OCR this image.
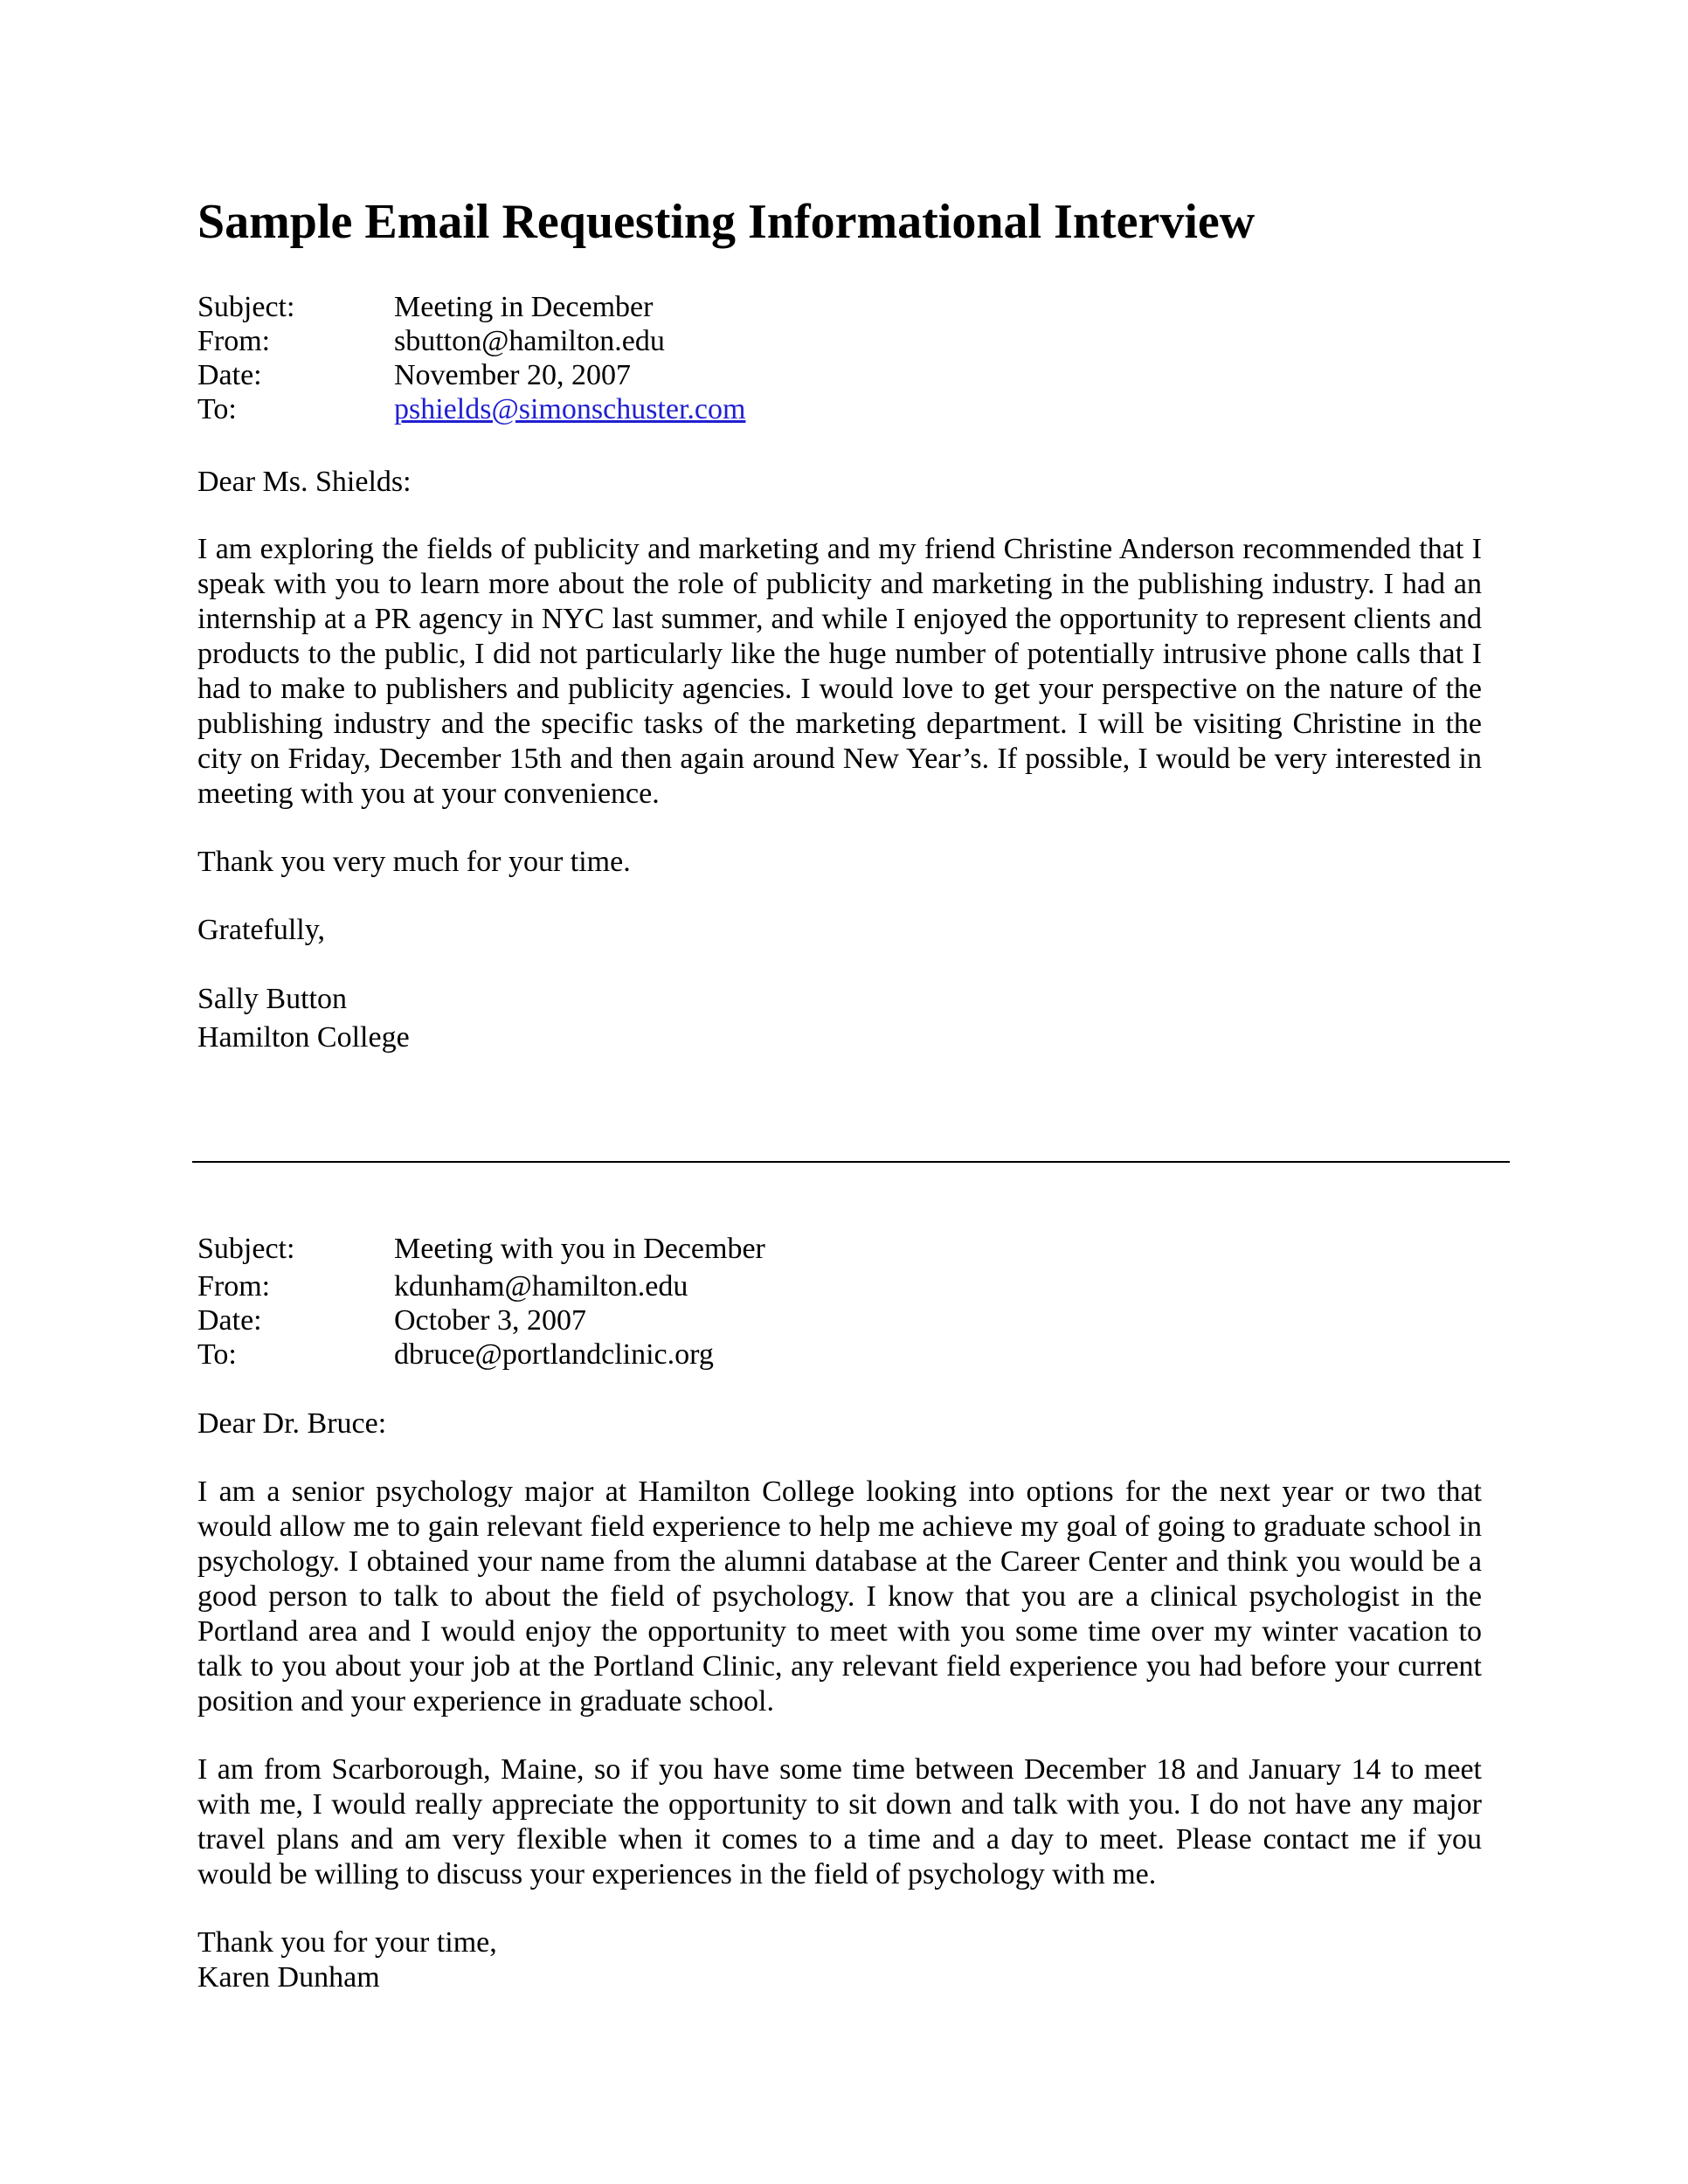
Sample Email Requesting Informational Interview
Subject:	Meeting in December
From:	sbutton@hamilton.edu
Date:	November 20, 2007
To:	pshields@simonschuster.com
Dear Ms. Shields:
I am exploring the fields of publicity and marketing and my friend Christine Anderson recommended that I speak with you to learn more about the role of publicity and marketing in the publishing industry. I had an internship at a PR agency in NYC last summer, and while I enjoyed the opportunity to represent clients and products to the public, I did not particularly like the huge number of potentially intrusive phone calls that I had to make to publishers and publicity agencies. I would love to get your perspective on the nature of the publishing industry and the specific tasks of the marketing department. I will be visiting Christine in the city on Friday, December 15th and then again around New Year’s. If possible, I would be very interested in meeting with you at your convenience.
Thank you very much for your time.
Gratefully,
Sally Button
Hamilton College
Subject:	Meeting with you in December
From:	kdunham@hamilton.edu
Date:	October 3, 2007
To:	dbruce@portlandclinic.org
Dear Dr. Bruce:
I am a senior psychology major at Hamilton College looking into options for the next year or two that would allow me to gain relevant field experience to help me achieve my goal of going to graduate school in psychology. I obtained your name from the alumni database at the Career Center and think you would be a good person to talk to about the field of psychology. I know that you are a clinical psychologist in the Portland area and I would enjoy the opportunity to meet with you some time over my winter vacation to talk to you about your job at the Portland Clinic, any relevant field experience you had before your current position and your experience in graduate school.
I am from Scarborough, Maine, so if you have some time between December 18 and January 14 to meet with me, I would really appreciate the opportunity to sit down and talk with you. I do not have any major travel plans and am very flexible when it comes to a time and a day to meet. Please contact me if you would be willing to discuss your experiences in the field of psychology with me.
Thank you for your time,
Karen Dunham
